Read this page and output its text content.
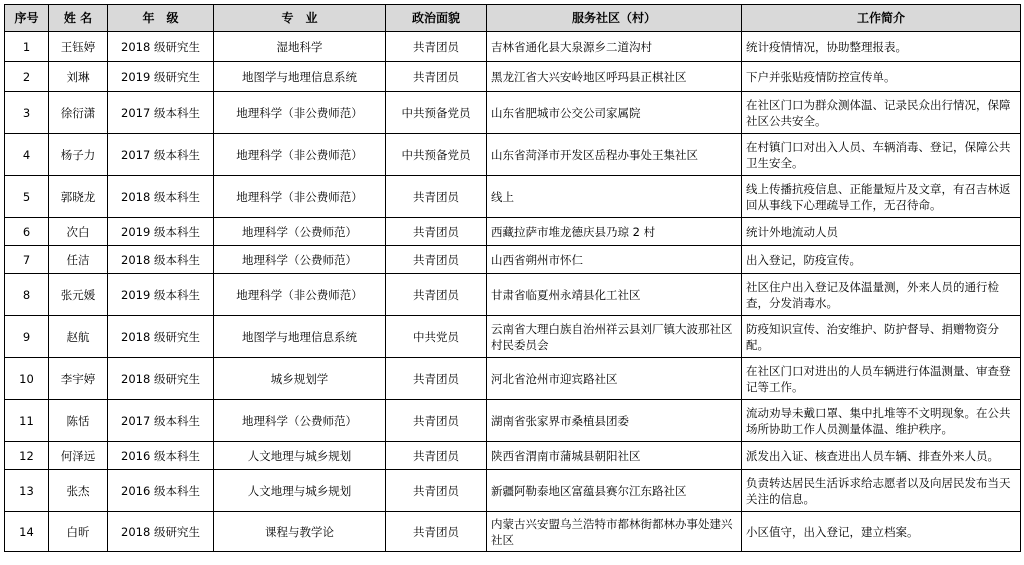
序号	姓 名	年　级	专　业	政治面貌	服务社区（村）	工作简介
1	王钰婷	2018 级研究生	湿地科学	共青团员	吉林省通化县大泉源乡二道沟村	统计疫情情况，协助整理报表。
2	刘琳	2019 级研究生	地图学与地理信息系统	共青团员	黑龙江省大兴安岭地区呼玛县正棋社区	下户并张贴疫情防控宣传单。
3	徐衍潇	2017 级本科生	地理科学（非公费师范）	中共预备党员	山东省肥城市公交公司家属院	在社区门口为群众测体温、记录民众出行情况，保障社区公共安全。
4	杨子力	2017 级本科生	地理科学（非公费师范）	中共预备党员	山东省菏泽市开发区岳程办事处王集社区	在村镇门口对出入人员、车辆消毒、登记，保障公共卫生安全。
5	郭晓龙	2018 级本科生	地理科学（非公费师范）	共青团员	线上	线上传播抗疫信息、正能量短片及文章，有召吉林返回从事线下心理疏导工作，无召待命。
6	次白	2019 级本科生	地理科学（公费师范）	共青团员	西藏拉萨市堆龙德庆县乃琼 2 村	统计外地流动人员
7	任洁	2018 级本科生	地理科学（公费师范）	共青团员	山西省朔州市怀仁	出入登记，防疫宣传。
8	张元媛	2019 级本科生	地理科学（非公费师范）	共青团员	甘肃省临夏州永靖县化工社区	社区住户出入登记及体温量测，外来人员的通行检查，分发消毒水。
9	赵航	2018 级研究生	地图学与地理信息系统	中共党员	云南省大理白族自治州祥云县刘厂镇大波那社区村民委员会	防疫知识宣传、治安维护、防护督导、捐赠物资分配。
10	李宇婷	2018 级研究生	城乡规划学	共青团员	河北省沧州市迎宾路社区	在社区门口对进出的人员车辆进行体温测量、审查登记等工作。
11	陈恬	2017 级本科生	地理科学（公费师范）	共青团员	湖南省张家界市桑植县团委	流动劝导未戴口罩、集中扎堆等不文明现象。在公共场所协助工作人员测量体温、维护秩序。
12	何泽远	2016 级本科生	人文地理与城乡规划	共青团员	陕西省渭南市蒲城县朝阳社区	派发出入证、核查进出人员车辆、排查外来人员。
13	张杰	2016 级本科生	人文地理与城乡规划	共青团员	新疆阿勒泰地区富蕴县赛尔江东路社区	负责转达居民生活诉求给志愿者以及向居民发布当天关注的信息。
14	白昕	2018 级研究生	课程与教学论	共青团员	内蒙古兴安盟乌兰浩特市都林街都林办事处建兴社区	小区值守，出入登记，建立档案。
